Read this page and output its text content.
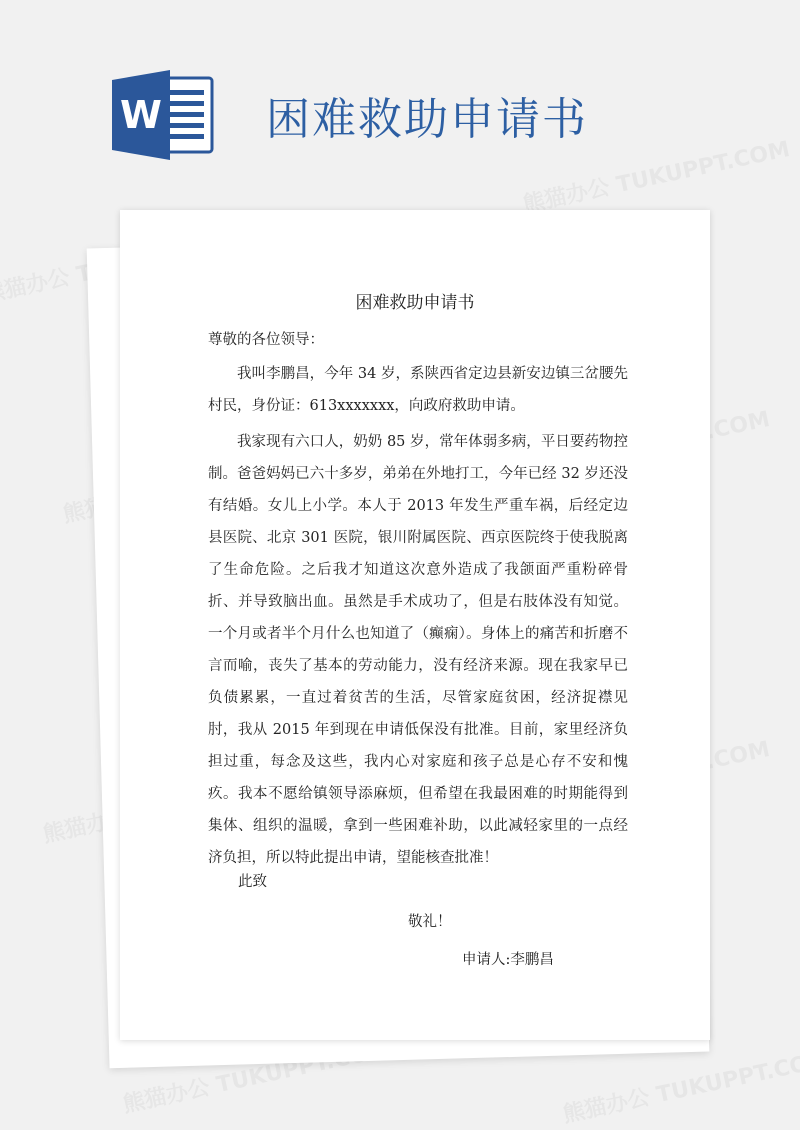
W 困难救助申请书
困难救助申请书

尊敬的各位领导：

我叫李鹏昌，今年 34 岁，系陕西省定边县新安边镇三岔腰先村民，身份证：613xxxxxxx，向政府救助申请。

我家现有六口人，奶奶 85 岁，常年体弱多病，平日要药物控制。爸爸妈妈已六十多岁，弟弟在外地打工，今年已经 32 岁还没有结婚。女儿上小学。本人于 2013 年发生严重车祸，后经定边县医院、北京 301 医院，银川附属医院、西京医院终于使我脱离了生命危险。之后我才知道这次意外造成了我颌面严重粉碎骨折、并导致脑出血。虽然是手术成功了，但是右肢体没有知觉。一个月或者半个月什么也知道了（癫痫）。身体上的痛苦和折磨不言而喻，丧失了基本的劳动能力，没有经济来源。现在我家早已负债累累，一直过着贫苦的生活，尽管家庭贫困，经济捉襟见肘，我从 2015 年到现在申请低保没有批准。目前，家里经济负担过重，每念及这些，我内心对家庭和孩子总是心存不安和愧疚。我本不愿给镇领导添麻烦，但希望在我最困难的时期能得到集体、组织的温暖，拿到一些困难补助，以此减轻家里的一点经济负担，所以特此提出申请，望能核查批准！

此致

敬礼！

申请人:李鹏昌
